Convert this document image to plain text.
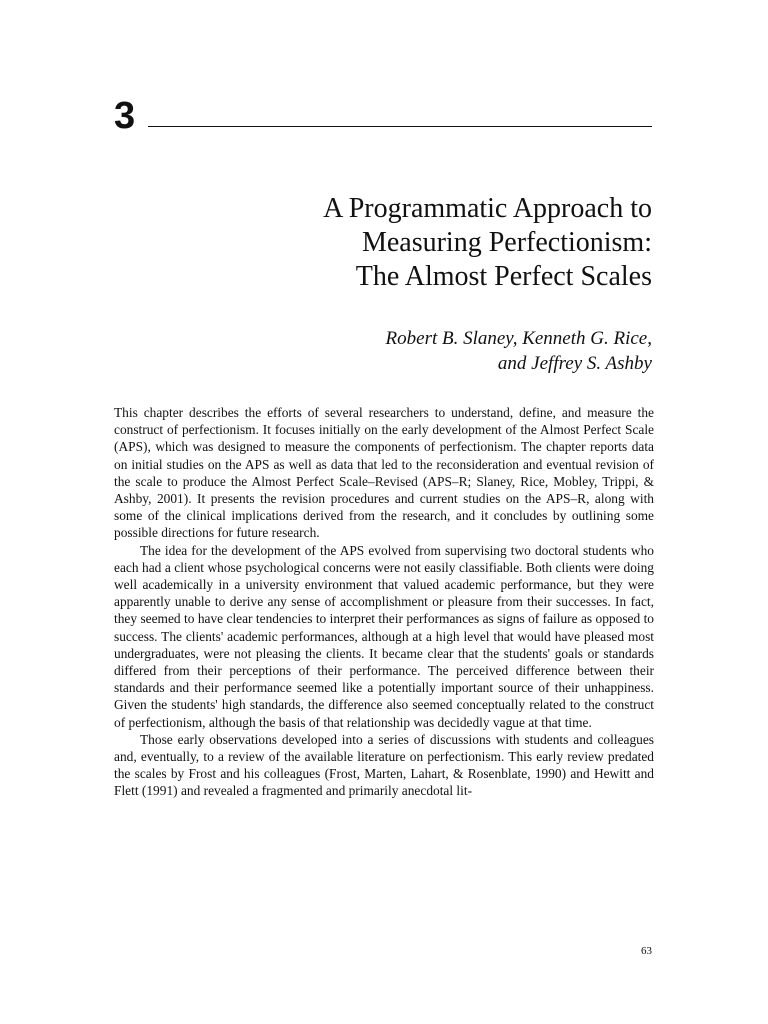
3
A Programmatic Approach to
Measuring Perfectionism:
The Almost Perfect Scales
Robert B. Slaney, Kenneth G. Rice,
and Jeffrey S. Ashby

This chapter describes the efforts of several researchers to understand, define, and measure the construct of perfectionism. It focuses initially on the early development of the Almost Perfect Scale (APS), which was designed to measure the components of perfectionism. The chapter reports data on initial studies on the APS as well as data that led to the reconsideration and eventual revision of the scale to produce the Almost Perfect Scale–Revised (APS–R; Slaney, Rice, Mobley, Trippi, & Ashby, 2001). It presents the revision procedures and current studies on the APS–R, along with some of the clinical implications derived from the research, and it concludes by outlining some possible directions for future research.

The idea for the development of the APS evolved from supervising two doctoral students who each had a client whose psychological concerns were not easily classifiable. Both clients were doing well academically in a university environment that valued academic performance, but they were apparently unable to derive any sense of accomplishment or pleasure from their successes. In fact, they seemed to have clear tendencies to interpret their performances as signs of failure as opposed to success. The clients' academic performances, although at a high level that would have pleased most undergraduates, were not pleasing the clients. It became clear that the students' goals or standards differed from their perceptions of their performance. The perceived difference between their standards and their performance seemed like a potentially important source of their unhappiness. Given the students' high standards, the difference also seemed conceptually related to the construct of perfectionism, although the basis of that relationship was decidedly vague at that time.

Those early observations developed into a series of discussions with students and colleagues and, eventually, to a review of the available literature on perfectionism. This early review predated the scales by Frost and his colleagues (Frost, Marten, Lahart, & Rosenblate, 1990) and Hewitt and Flett (1991) and revealed a fragmented and primarily anecdotal lit-

63
